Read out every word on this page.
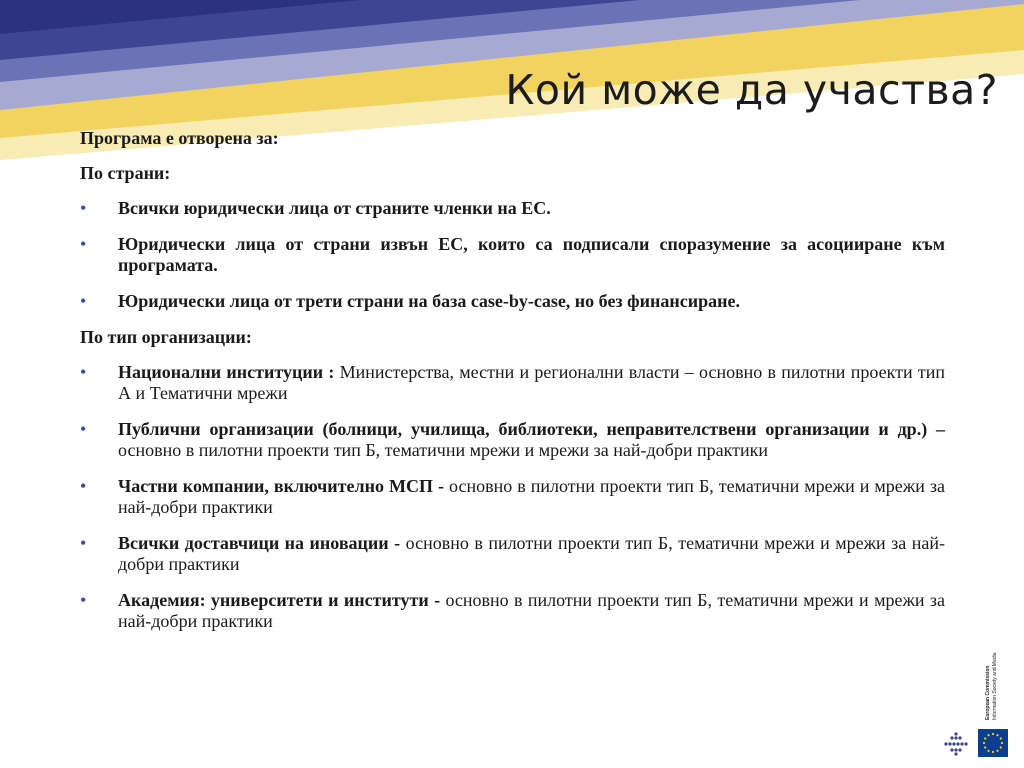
Кой може да участва?

Програма е отворена за:

По страни:

•	Всички юридически лица от страните членки на ЕС.
•	Юридически лица от страни извън ЕС, които са подписали споразумение за асоцииране към програмата.
•	Юридически лица от трети страни на база case-by-case, но без финансиране.

По тип организации:

•	Национални институции : Министерства, местни и регионални власти – основно в пилотни проекти тип А и Тематични мрежи
•	Публични организации (болници, училища, библиотеки, неправителствени организации и др.) – основно в пилотни проекти тип Б, тематични мрежи и мрежи за най-добри практики
•	Частни компании, включително МСП - основно в пилотни проекти тип Б, тематични мрежи и мрежи за най-добри практики
•	Всички доставчици на иновации - основно в пилотни проекти тип Б, тематични мрежи и мрежи за най-добри практики
•	Академия: университети и институти - основно в пилотни проекти тип Б, тематични мрежи и мрежи за най-добри практики
European Commission Information Society and Media
